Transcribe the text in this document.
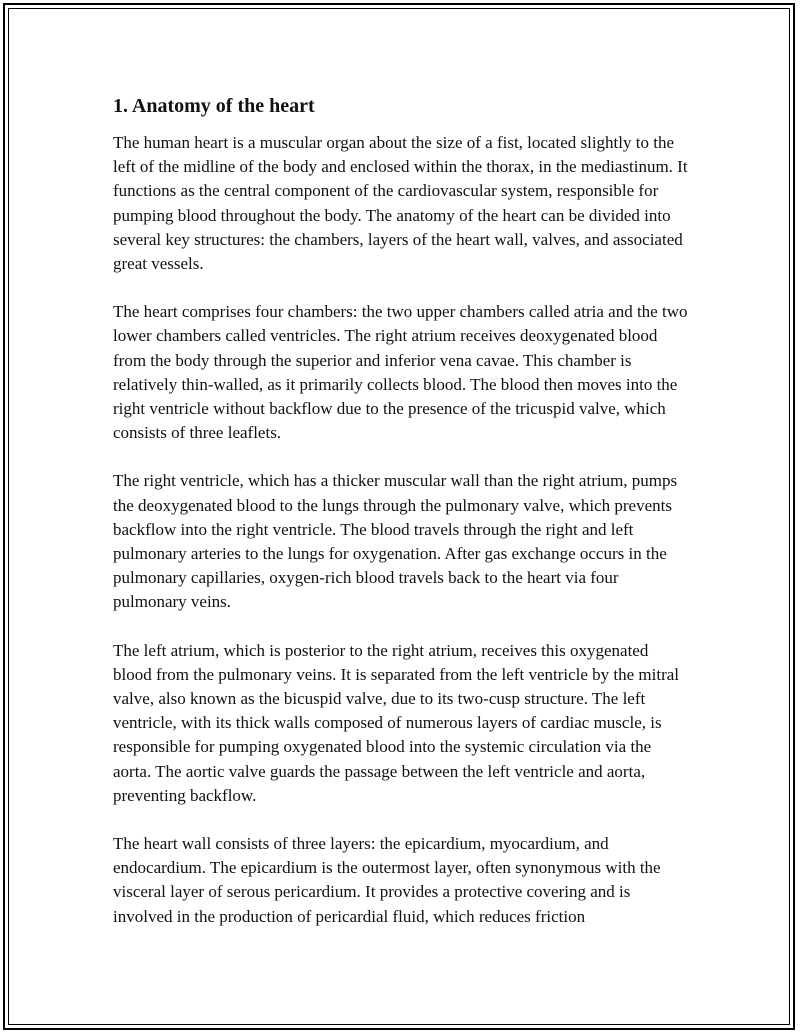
1. Anatomy of the heart

The human heart is a muscular organ about the size of a fist, located slightly to the left of the midline of the body and enclosed within the thorax, in the mediastinum. It functions as the central component of the cardiovascular system, responsible for pumping blood throughout the body. The anatomy of the heart can be divided into several key structures: the chambers, layers of the heart wall, valves, and associated great vessels.

The heart comprises four chambers: the two upper chambers called atria and the two lower chambers called ventricles. The right atrium receives deoxygenated blood from the body through the superior and inferior vena cavae. This chamber is relatively thin-walled, as it primarily collects blood. The blood then moves into the right ventricle without backflow due to the presence of the tricuspid valve, which consists of three leaflets.

The right ventricle, which has a thicker muscular wall than the right atrium, pumps the deoxygenated blood to the lungs through the pulmonary valve, which prevents backflow into the right ventricle. The blood travels through the right and left pulmonary arteries to the lungs for oxygenation. After gas exchange occurs in the pulmonary capillaries, oxygen-rich blood travels back to the heart via four pulmonary veins.

The left atrium, which is posterior to the right atrium, receives this oxygenated blood from the pulmonary veins. It is separated from the left ventricle by the mitral valve, also known as the bicuspid valve, due to its two-cusp structure. The left ventricle, with its thick walls composed of numerous layers of cardiac muscle, is responsible for pumping oxygenated blood into the systemic circulation via the aorta. The aortic valve guards the passage between the left ventricle and aorta, preventing backflow.

The heart wall consists of three layers: the epicardium, myocardium, and endocardium. The epicardium is the outermost layer, often synonymous with the visceral layer of serous pericardium. It provides a protective covering and is involved in the production of pericardial fluid, which reduces friction
